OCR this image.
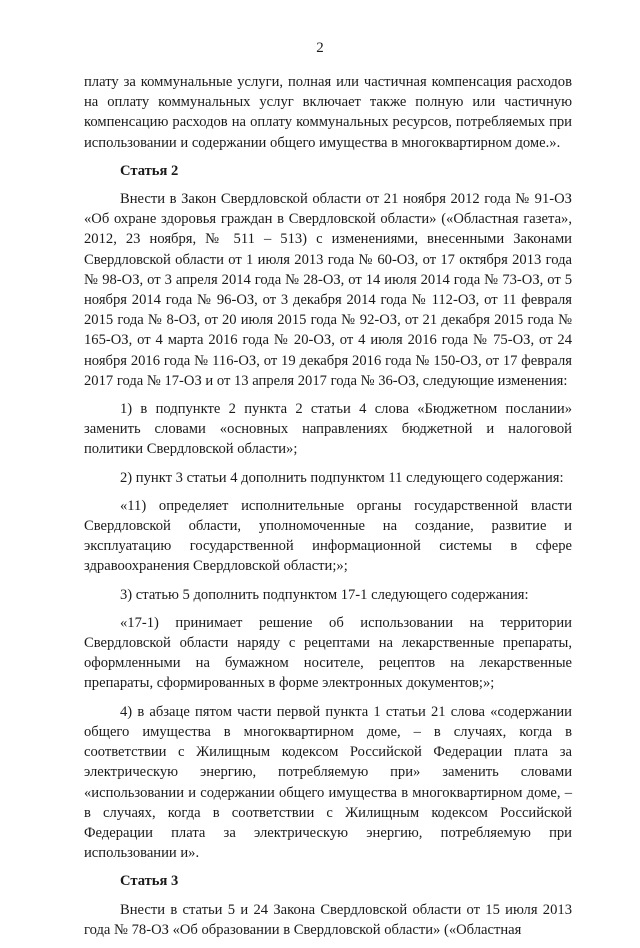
2

плату за коммунальные услуги, полная или частичная компенсация расходов на оплату коммунальных услуг включает также полную или частичную компенсацию расходов на оплату коммунальных ресурсов, потребляемых при использовании и содержании общего имущества в многоквартирном доме.».

Статья 2

Внести в Закон Свердловской области от 21 ноября 2012 года № 91-ОЗ «Об охране здоровья граждан в Свердловской области» («Областная газета», 2012, 23 ноября, № 511 – 513) с изменениями, внесенными Законами Свердловской области от 1 июля 2013 года № 60-ОЗ, от 17 октября 2013 года № 98-ОЗ, от 3 апреля 2014 года № 28-ОЗ, от 14 июля 2014 года № 73-ОЗ, от 5 ноября 2014 года № 96-ОЗ, от 3 декабря 2014 года № 112-ОЗ, от 11 февраля 2015 года № 8-ОЗ, от 20 июля 2015 года № 92-ОЗ, от 21 декабря 2015 года № 165-ОЗ, от 4 марта 2016 года № 20-ОЗ, от 4 июля 2016 года № 75-ОЗ, от 24 ноября 2016 года № 116-ОЗ, от 19 декабря 2016 года № 150-ОЗ, от 17 февраля 2017 года № 17-ОЗ и от 13 апреля 2017 года № 36-ОЗ, следующие изменения:

1) в подпункте 2 пункта 2 статьи 4 слова «Бюджетном послании» заменить словами «основных направлениях бюджетной и налоговой политики Свердловской области»;

2) пункт 3 статьи 4 дополнить подпунктом 11 следующего содержания:

«11) определяет исполнительные органы государственной власти Свердловской области, уполномоченные на создание, развитие и эксплуатацию государственной информационной системы в сфере здравоохранения Свердловской области;»;

3) статью 5 дополнить подпунктом 17-1 следующего содержания:

«17-1) принимает решение об использовании на территории Свердловской области наряду с рецептами на лекарственные препараты, оформленными на бумажном носителе, рецептов на лекарственные препараты, сформированных в форме электронных документов;»;

4) в абзаце пятом части первой пункта 1 статьи 21 слова «содержании общего имущества в многоквартирном доме, – в случаях, когда в соответствии с Жилищным кодексом Российской Федерации плата за электрическую энергию, потребляемую при» заменить словами «использовании и содержании общего имущества в многоквартирном доме, – в случаях, когда в соответствии с Жилищным кодексом Российской Федерации плата за электрическую энергию, потребляемую при использовании и».

Статья 3

Внести в статьи 5 и 24 Закона Свердловской области от 15 июля 2013 года № 78-ОЗ «Об образовании в Свердловской области» («Областная
